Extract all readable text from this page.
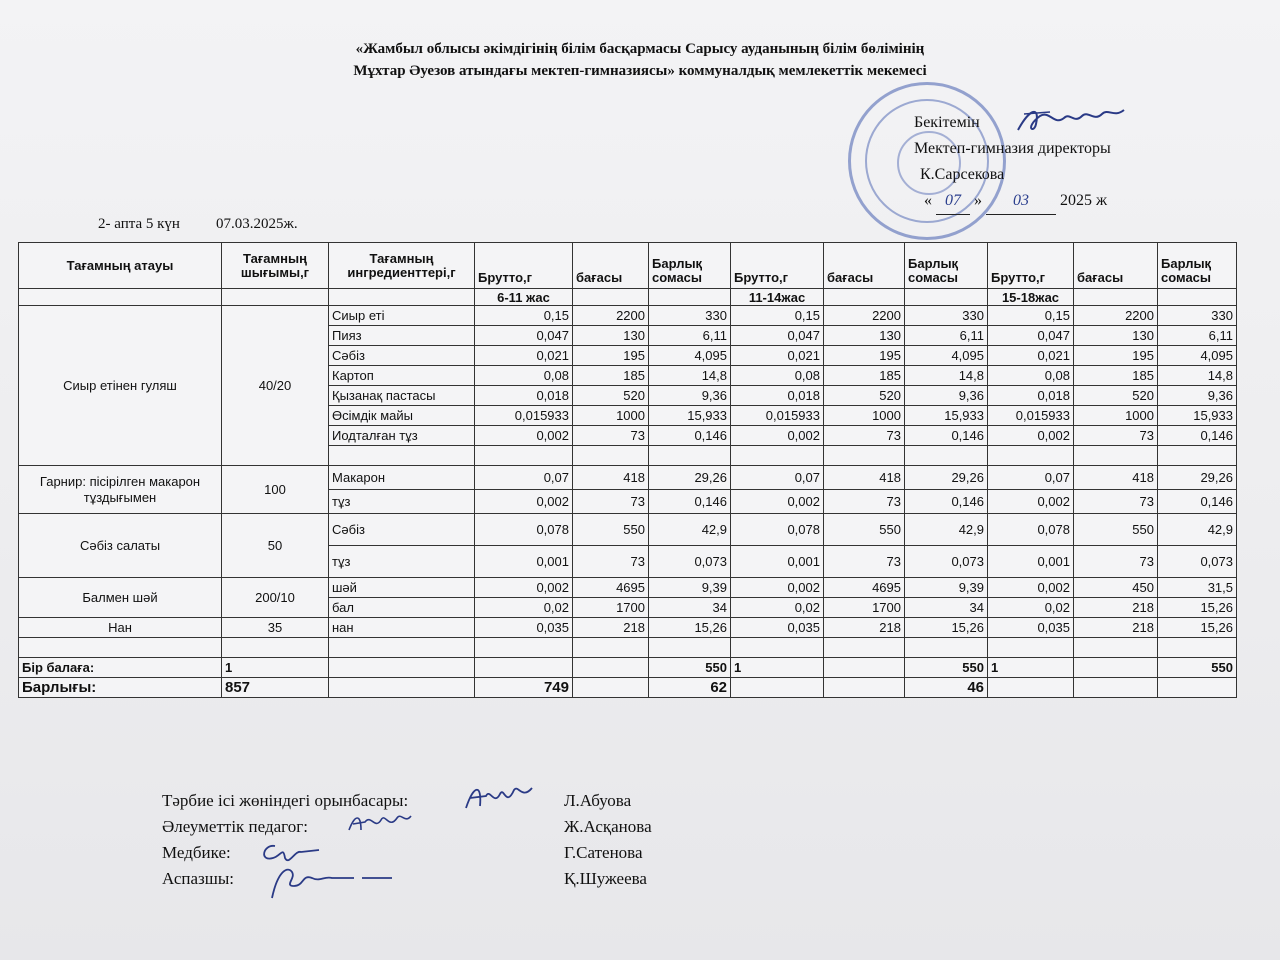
«Жамбыл облысы әкімдігінің білім басқармасы Сарысу ауданының білім бөлімінің
Мұхтар Әуезов атындағы мектеп-гимназиясы» коммуналдық мемлекеттік мекемесі
Бекітемін
Мектеп-гимназия директоры
К.Сарсекова
« 07 » 03 2025 ж
2- апта 5 күн 07.03.2025ж.
Тағамның атауы	Тағамның шығымы,г	Тағамның ингредиенттері,г	Брутто,г	бағасы	Барлық сомасы	Брутто,г	бағасы	Барлық сомасы	Брутто,г	бағасы	Барлық сомасы
			6-11 жас			11-14жас			15-18жас		
Сиыр етінен гуляш	40/20	Сиыр еті	0,15	2200	330	0,15	2200	330	0,15	2200	330
		Пияз	0,047	130	6,11	0,047	130	6,11	0,047	130	6,11
		Сәбіз	0,021	195	4,095	0,021	195	4,095	0,021	195	4,095
		Картоп	0,08	185	14,8	0,08	185	14,8	0,08	185	14,8
		Қызанақ пастасы	0,018	520	9,36	0,018	520	9,36	0,018	520	9,36
		Өсімдік майы	0,015933	1000	15,933	0,015933	1000	15,933	0,015933	1000	15,933
		Иодталған тұз	0,002	73	0,146	0,002	73	0,146	0,002	73	0,146

Гарнир: пісірілген макарон тұздығымен	100	Макарон	0,07	418	29,26	0,07	418	29,26	0,07	418	29,26
		тұз	0,002	73	0,146	0,002	73	0,146	0,002	73	0,146
Сәбіз салаты	50	Сәбіз	0,078	550	42,9	0,078	550	42,9	0,078	550	42,9
		тұз	0,001	73	0,073	0,001	73	0,073	0,001	73	0,073
Балмен шәй	200/10	шәй	0,002	4695	9,39	0,002	4695	9,39	0,002	450	31,5
		бал	0,02	1700	34	0,02	1700	34	0,02	218	15,26
Нан	35	нан	0,035	218	15,26	0,035	218	15,26	0,035	218	15,26

Бір балаға:	1				550	1		550	1		550
Барлығы:	857		749		62			46			
Тәрбие ісі жөніндегі орынбасары:	Л.Абуова
Әлеуметтік педагог:	Ж.Асқанова
Медбике:	Г.Сатенова
Аспазшы:	Қ.Шужеева
